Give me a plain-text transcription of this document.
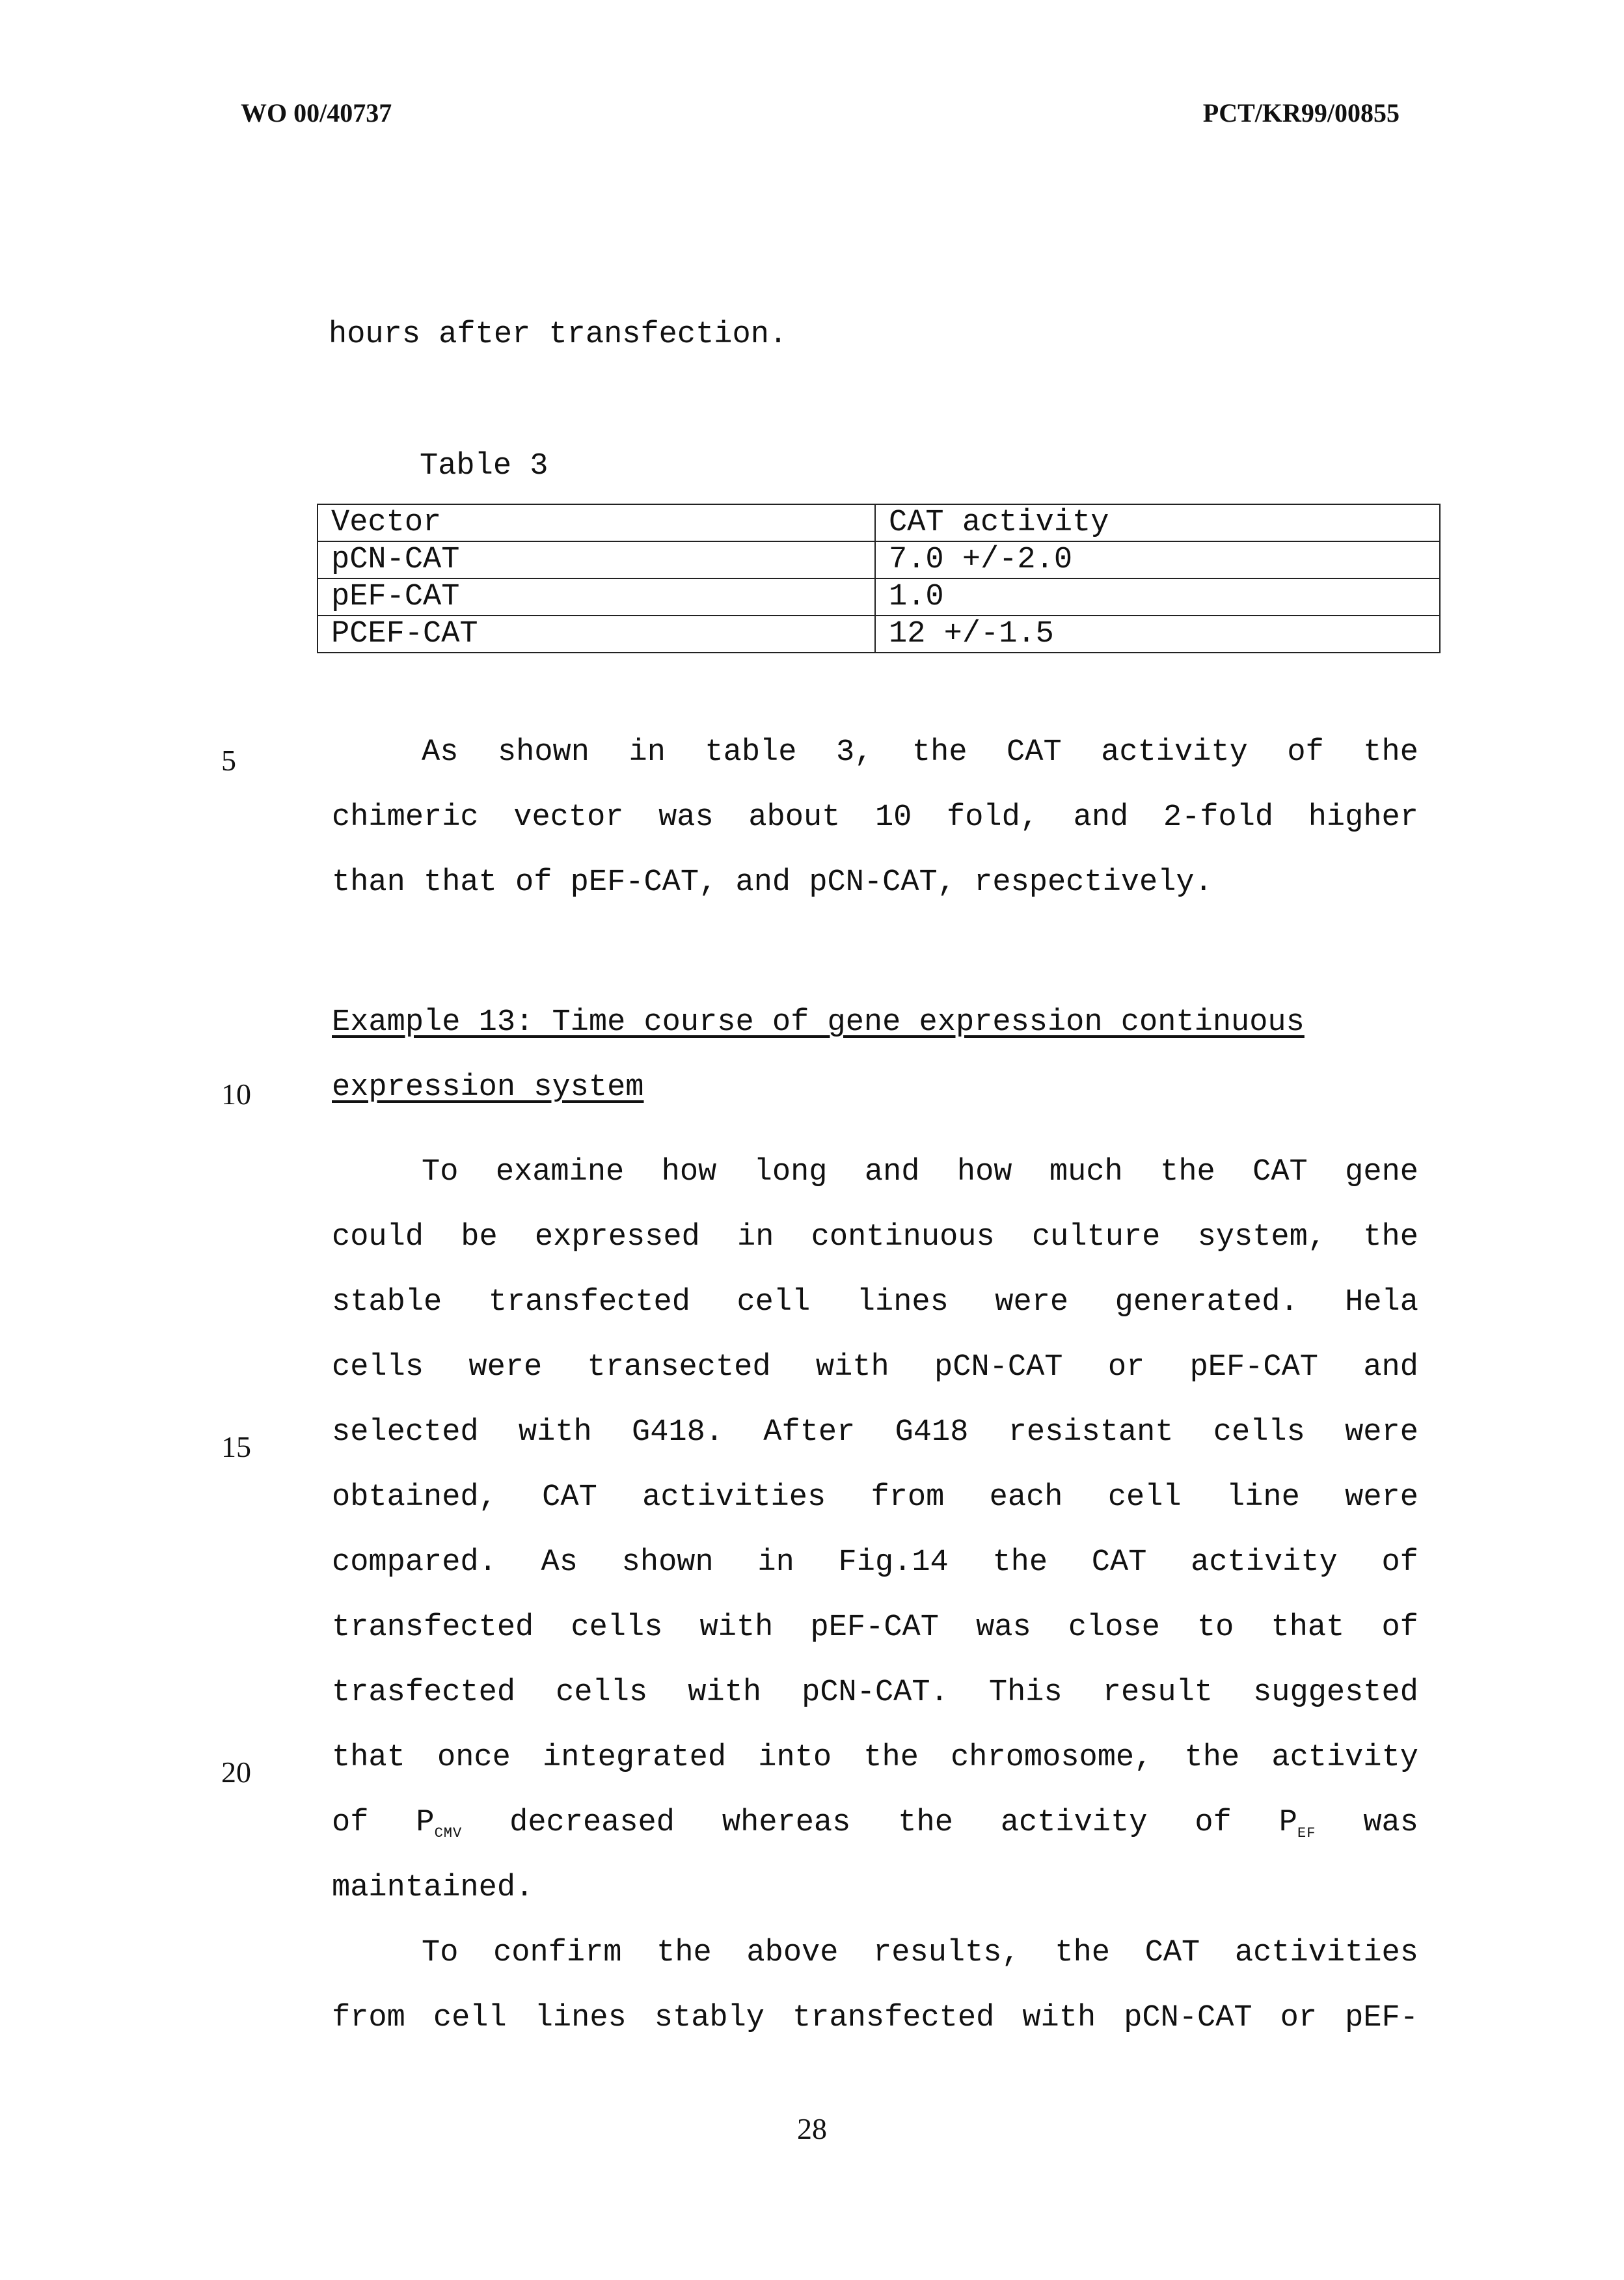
WO 00/40737	PCT/KR99/00855
hours after transfection.
Table 3
Vector	CAT activity
pCN-CAT	7.0 +/-2.0
pEF-CAT	1.0
PCEF-CAT	12 +/-1.5
5
10
15
20
As shown in table 3, the CAT activity of the
chimeric vector was about 10 fold, and 2-fold higher
than that of pEF-CAT, and pCN-CAT, respectively.
Example 13: Time course of gene expression continuous
expression system
To examine how long and how much the CAT gene
could be expressed in continuous culture system, the
stable transfected cell lines were generated. Hela
cells were transected with pCN-CAT or pEF-CAT and
selected with G418. After G418 resistant cells were
obtained, CAT activities from each cell line were
compared. As shown in Fig.14 the CAT activity of
transfected cells with pEF-CAT was close to that of
trasfected cells with pCN-CAT. This result suggested
that once integrated into the chromosome, the activity
of $P_{CMV}$ decreased whereas the activity of $P_{EF}$ was
maintained.
To confirm the above results, the CAT activities
from cell lines stably transfected with pCN-CAT or pEF-
28
